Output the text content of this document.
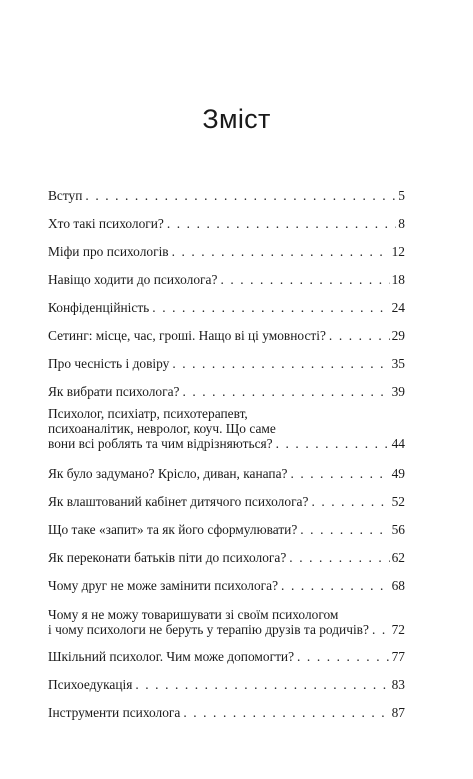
Зміст
Вступ . . .	5
Хто такі психологи? . . .	8
Міфи про психологів . . .	12
Навіщо ходити до психолога? . . .	18
Конфіденційність . . .	24
Сетинг: місце, час, гроші. Нащо ві ці умовності? . . .	29
Про чесність і довіру . . .	35
Як вибрати психолога? . . .	39
Психолог, психіатр, психотерапевт,
психоаналітик, невролог, коуч. Що саме
вони всі роблять та чим відрізняються? . . .	44
Як було задумано? Крісло, диван, канапа? . . .	49
Як влаштований кабінет дитячого психолога? . . .	52
Що таке «запит» та як його сформулювати? . . .	56
Як переконати батьків піти до психолога? . . .	62
Чому друг не може замінити психолога? . . .	68
Чому я не можу товаришувати зі своїм психологом
і чому психологи не беруть у терапію друзів та родичів? . . . 72
Шкільний психолог. Чим може допомогти? . . .	77
Психоедукація . . .	83
Інструменти психолога . . .	87
